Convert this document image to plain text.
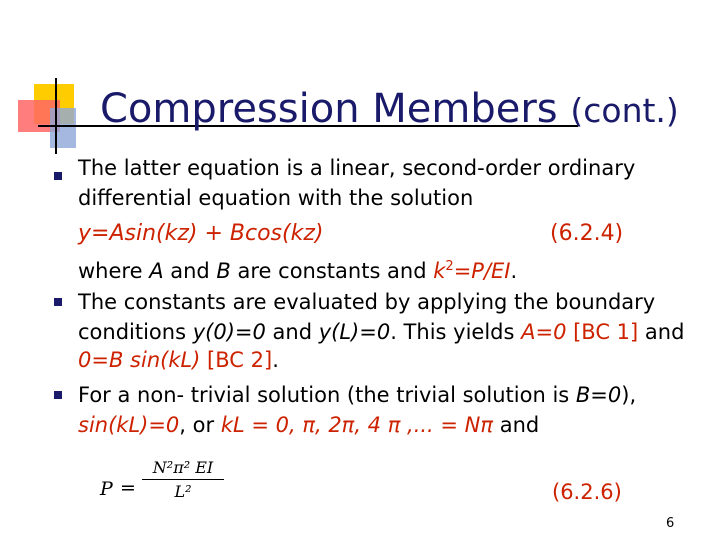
Compression Members (cont.)
The latter equation is a linear, second-order ordinary
differential equation with the solution
y=Asin(kz) + Bcos(kz)	(6.2.4)
where A and B are constants and $k^2=P/EI$.
The constants are evaluated by applying the boundary
conditions y(0)=0 and y(L)=0. This yields A=0 [BC 1] and
0=B sin(kL) [BC 2].
For a non- trivial solution (the trivial solution is B=0),
sin(kL)=0, or kL = 0, π, 2π, 4 π ,... = Nπ and
$P = \frac{\text{N²π² EI}}{\text{L²}}$	(6.2.6)
6
